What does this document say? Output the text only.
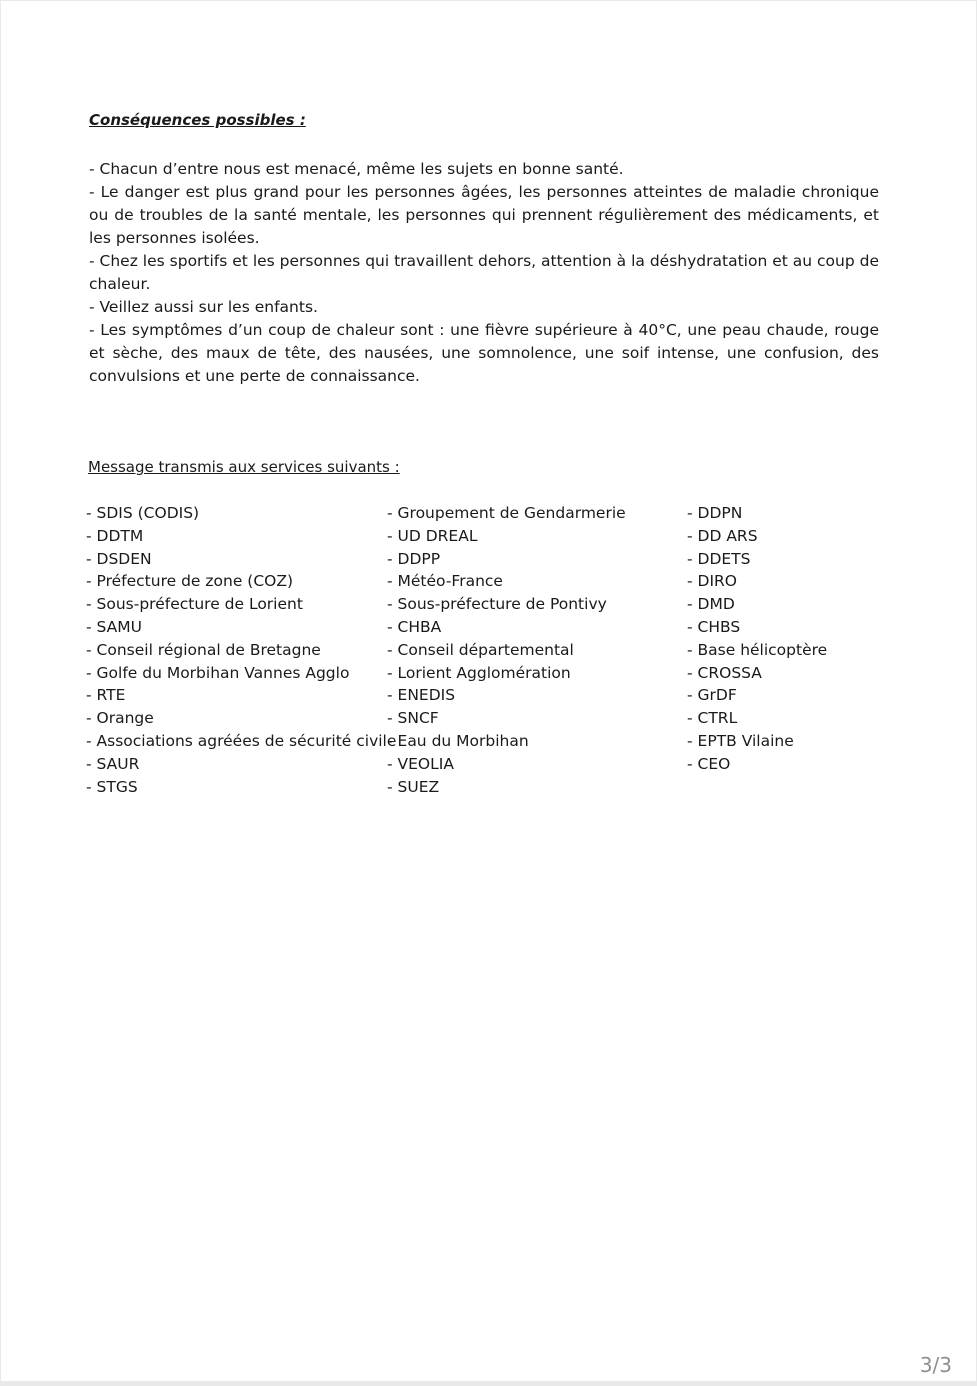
Conséquences possibles :

- Chacun d’entre nous est menacé, même les sujets en bonne santé.

- Le danger est plus grand pour les personnes âgées, les personnes atteintes de maladie chronique ou de troubles de la santé mentale, les personnes qui prennent régulièrement des médicaments, et les personnes isolées.

- Chez les sportifs et les personnes qui travaillent dehors, attention à la déshydratation et au coup de chaleur.

- Veillez aussi sur les enfants.

- Les symptômes d’un coup de chaleur sont : une fièvre supérieure à 40°C, une peau chaude, rouge et sèche, des maux de tête, des nausées, une somnolence, une soif intense, une confusion, des convulsions et une perte de connaissance.

Message transmis aux services suivants :
- SDIS (CODIS)
- DDTM
- DSDEN
- Préfecture de zone (COZ)
- Sous-préfecture de Lorient
- SAMU
- Conseil régional de Bretagne
- Golfe du Morbihan Vannes Agglo
- RTE
- Orange
- Associations agréées de sécurité civile
- SAUR
- STGS
- Groupement de Gendarmerie
- UD DREAL
- DDPP
- Météo-France
- Sous-préfecture de Pontivy
- CHBA
- Conseil départemental
- Lorient Agglomération
- ENEDIS
- SNCF
- Eau du Morbihan
- VEOLIA
- SUEZ
- DDPN
- DD ARS
- DDETS
- DIRO
- DMD
- CHBS
- Base hélicoptère
- CROSSA
- GrDF
- CTRL
- EPTB Vilaine
- CEO
3/3
